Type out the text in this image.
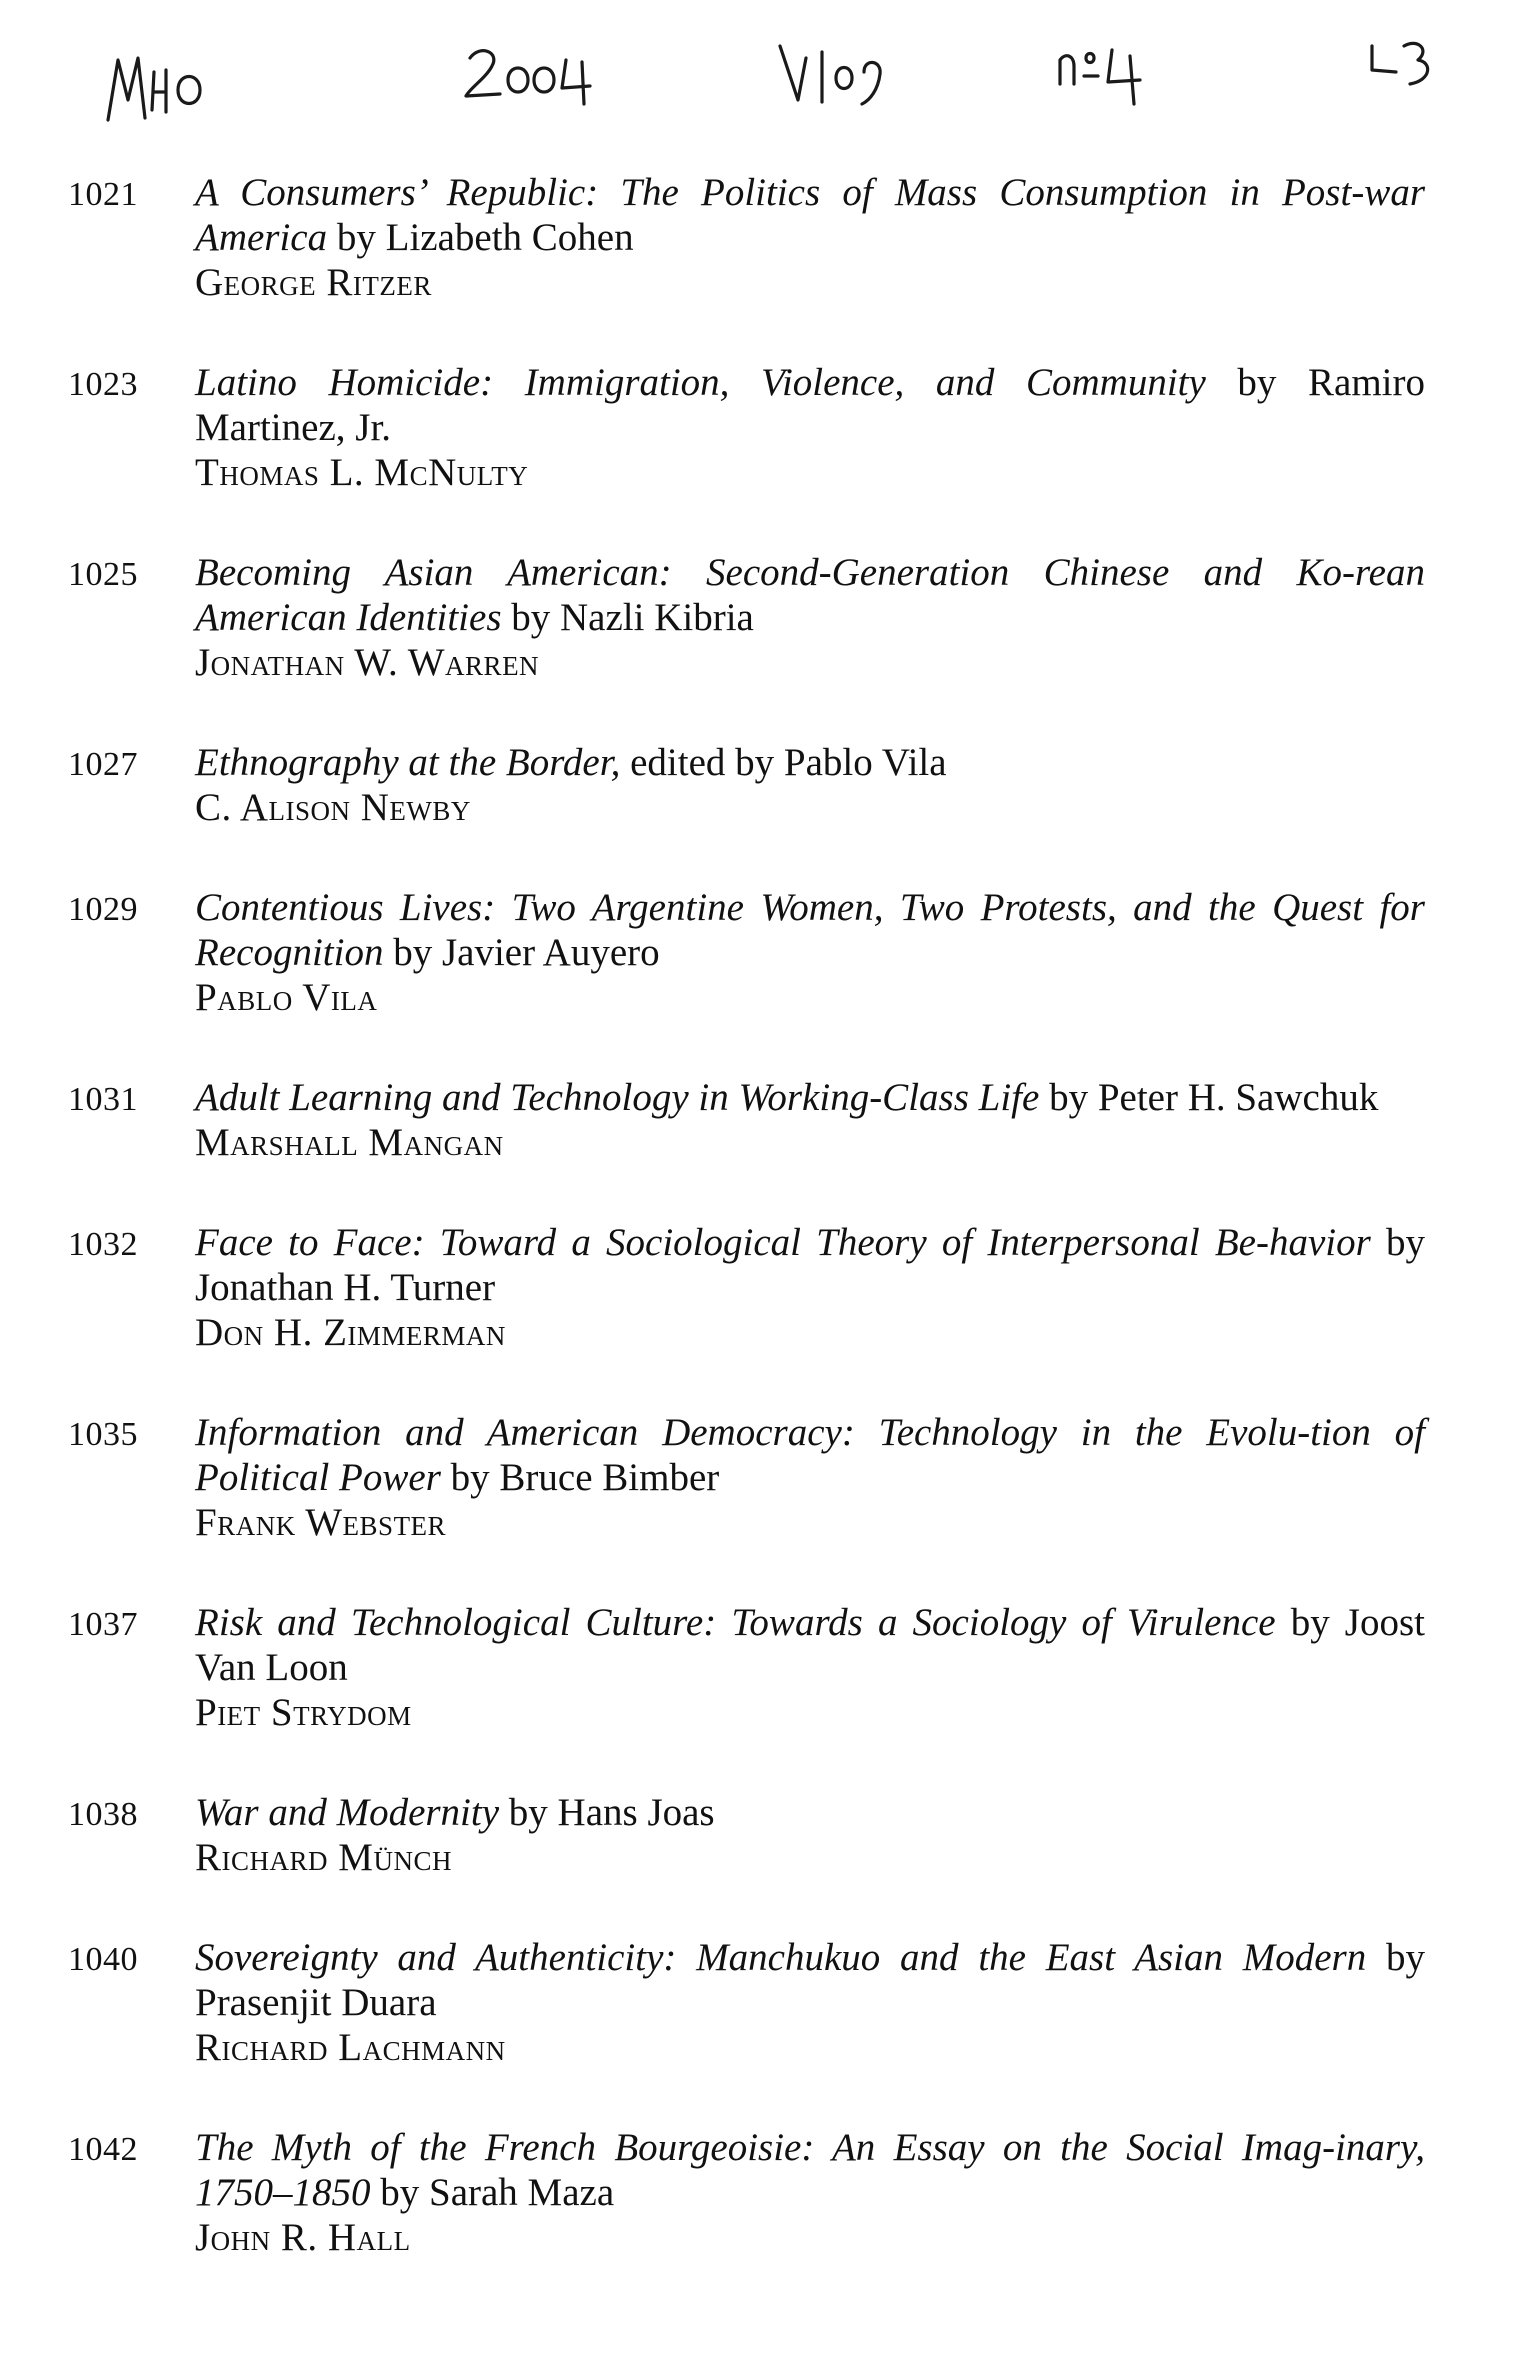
1021	A Consumers’ Republic: The Politics of Mass Consumption in Post-war America by Lizabeth Cohen
George Ritzer
1023	Latino Homicide: Immigration, Violence, and Community by Ramiro Martinez, Jr.
Thomas L. McNulty
1025	Becoming Asian American: Second-Generation Chinese and Ko-rean American Identities by Nazli Kibria
Jonathan W. Warren
1027	Ethnography at the Border, edited by Pablo Vila
C. Alison Newby
1029	Contentious Lives: Two Argentine Women, Two Protests, and the Quest for Recognition by Javier Auyero
Pablo Vila
1031	Adult Learning and Technology in Working-Class Life by Peter H. Sawchuk
Marshall Mangan
1032	Face to Face: Toward a Sociological Theory of Interpersonal Be-havior by Jonathan H. Turner
Don H. Zimmerman
1035	Information and American Democracy: Technology in the Evolu-tion of Political Power by Bruce Bimber
Frank Webster
1037	Risk and Technological Culture: Towards a Sociology of Virulence by Joost Van Loon
Piet Strydom
1038	War and Modernity by Hans Joas
Richard Münch
1040	Sovereignty and Authenticity: Manchukuo and the East Asian Modern by Prasenjit Duara
Richard Lachmann
1042	The Myth of the French Bourgeoisie: An Essay on the Social Imag-inary, 1750–1850 by Sarah Maza
John R. Hall
